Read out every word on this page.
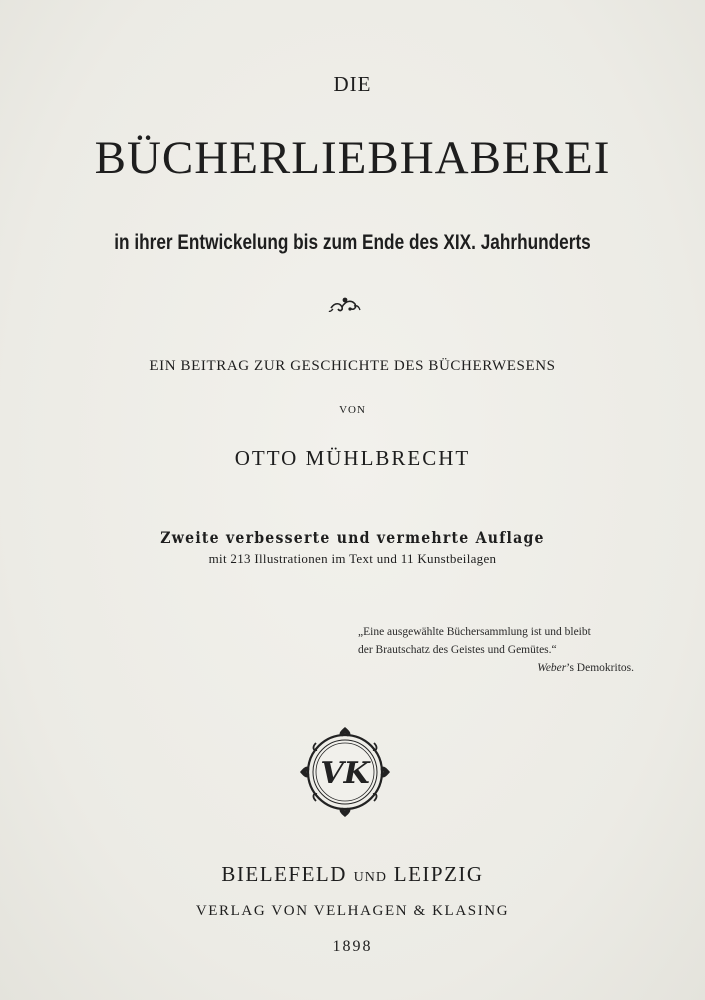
DIE
BÜCHERLIEBHABEREI
in ihrer Entwickelung bis zum Ende des XIX. Jahrhunderts
EIN BEITRAG ZUR GESCHICHTE DES BÜCHERWESENS
VON
OTTO MÜHLBRECHT
Zweite verbesserte und vermehrte Auflage
mit 213 Illustrationen im Text und 11 Kunstbeilagen
„Eine ausgewählte Büchersammlung ist und bleibt
der Brautschatz des Geistes und Gemütes.“
Weber’s Demokritos.
VK
BIELEFELD UND LEIPZIG
VERLAG VON VELHAGEN & KLASING
1898
